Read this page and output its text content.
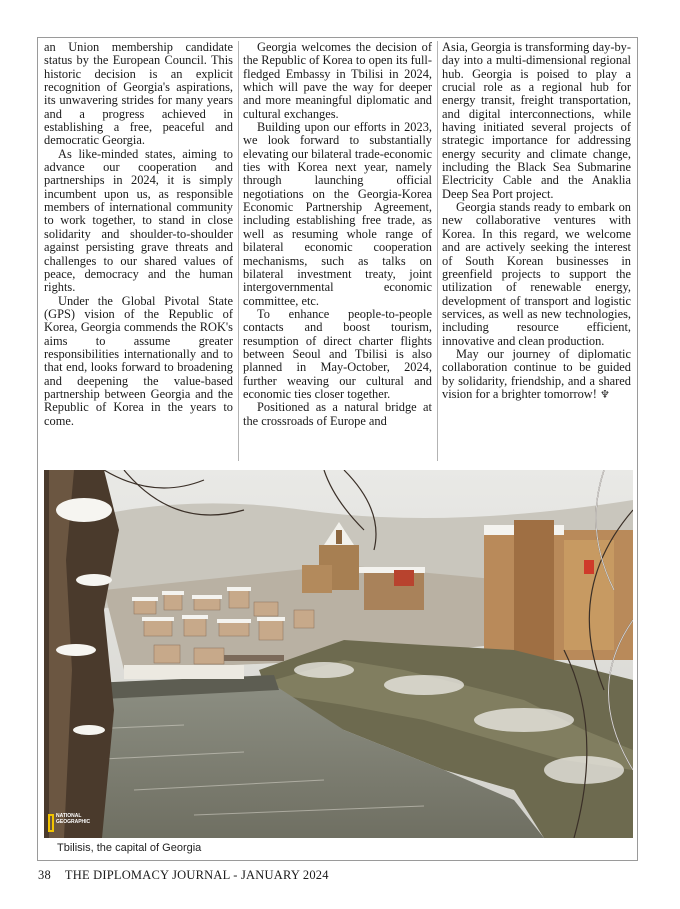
an Union membership candidate status by the European Council. This historic decision is an explicit recognition of Georgia's aspirations, its unwavering strides for many years and a progress achieved in establishing a free, peaceful and democratic Georgia.

As like-minded states, aiming to advance our cooperation and partnerships in 2024, it is simply incumbent upon us, as responsible members of international community to work together, to stand in close solidarity and shoulder-to-shoulder against persisting grave threats and challenges to our shared values of peace, democracy and the human rights.

Under the Global Pivotal State (GPS) vision of the Republic of Korea, Georgia commends the ROK's aims to assume greater responsibilities internationally and to that end, looks forward to broadening and deepening the value-based partnership between Georgia and the Republic of Korea in the years to come.

Georgia welcomes the decision of the Republic of Korea to open its full-fledged Embassy in Tbilisi in 2024, which will pave the way for deeper and more meaningful diplomatic and cultural exchanges.

Building upon our efforts in 2023, we look forward to substantially elevating our bilateral trade-economic ties with Korea next year, namely through launching official negotiations on the Georgia-Korea Economic Partnership Agreement, including establishing free trade, as well as resuming whole range of bilateral economic cooperation mechanisms, such as talks on bilateral investment treaty, joint intergovernmental economic committee, etc.

To enhance people-to-people contacts and boost tourism, resumption of direct charter flights between Seoul and Tbilisi is also planned in May-October, 2024, further weaving our cultural and economic ties closer together.

Positioned as a natural bridge at the crossroads of Europe and

Asia, Georgia is transforming day-by-day into a multi-dimensional regional hub. Georgia is poised to play a crucial role as a regional hub for energy transit, freight transportation, and digital interconnections, while having initiated several projects of strategic importance for addressing energy security and climate change, including the Black Sea Submarine Electricity Cable and the Anaklia Deep Sea Port project.

Georgia stands ready to embark on new collaborative ventures with Korea. In this regard, we welcome and are actively seeking the interest of South Korean businesses in greenfield projects to support the utilization of renewable energy, development of transport and logistic services, as well as new technologies, including resource efficient, innovative and clean production.

May our journey of diplomatic collaboration continue to be guided by solidarity, friendship, and a shared vision for a brighter tomorrow! ♆

NATIONAL GEOGRAPHIC
Tbilisis, the capital of Georgia
38 THE DIPLOMACY JOURNAL - JANUARY 2024
